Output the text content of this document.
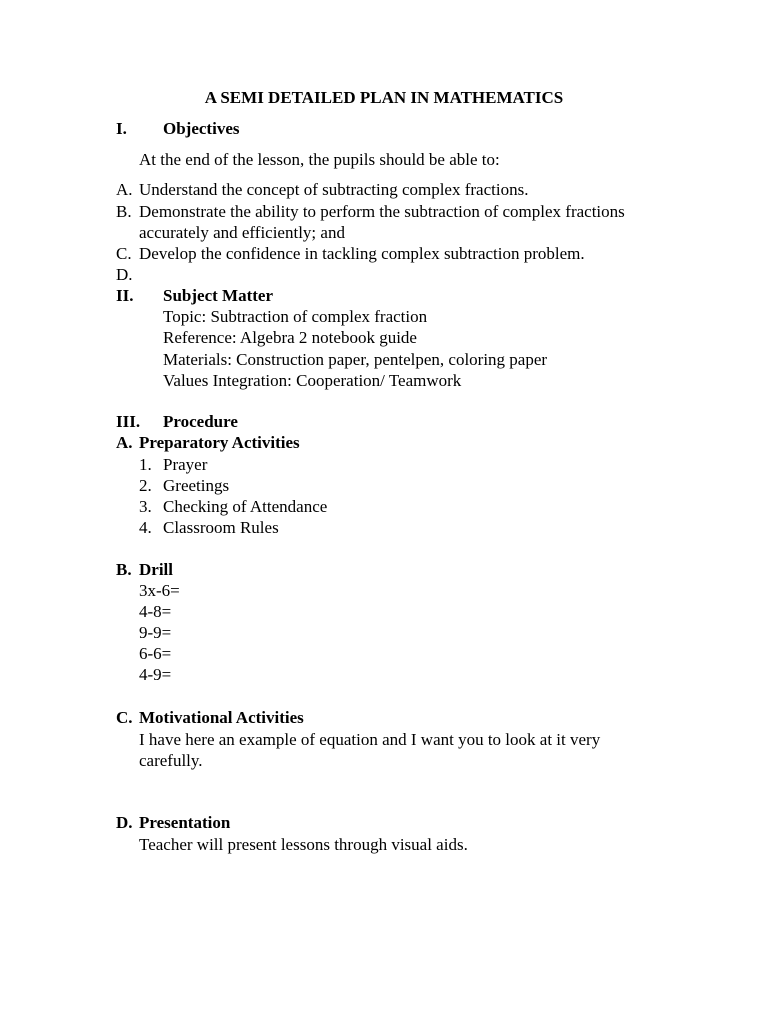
A SEMI DETAILED PLAN IN MATHEMATICS
I. Objectives
At the end of the lesson, the pupils should be able to:
A. Understand the concept of subtracting complex fractions.
B. Demonstrate the ability to perform the subtraction of complex fractions
accurately and efficiently; and
C. Develop the confidence in tackling complex subtraction problem.
D.
II. Subject Matter
Topic: Subtraction of complex fraction
Reference: Algebra 2 notebook guide
Materials: Construction paper, pentelpen, coloring paper
Values Integration: Cooperation/ Teamwork
III. Procedure
A. Preparatory Activities
1. Prayer
2. Greetings
3. Checking of Attendance
4. Classroom Rules
B. Drill
3x-6=
4-8=
9-9=
6-6=
4-9=
C. Motivational Activities
I have here an example of equation and I want you to look at it very
carefully.
D. Presentation
Teacher will present lessons through visual aids.
